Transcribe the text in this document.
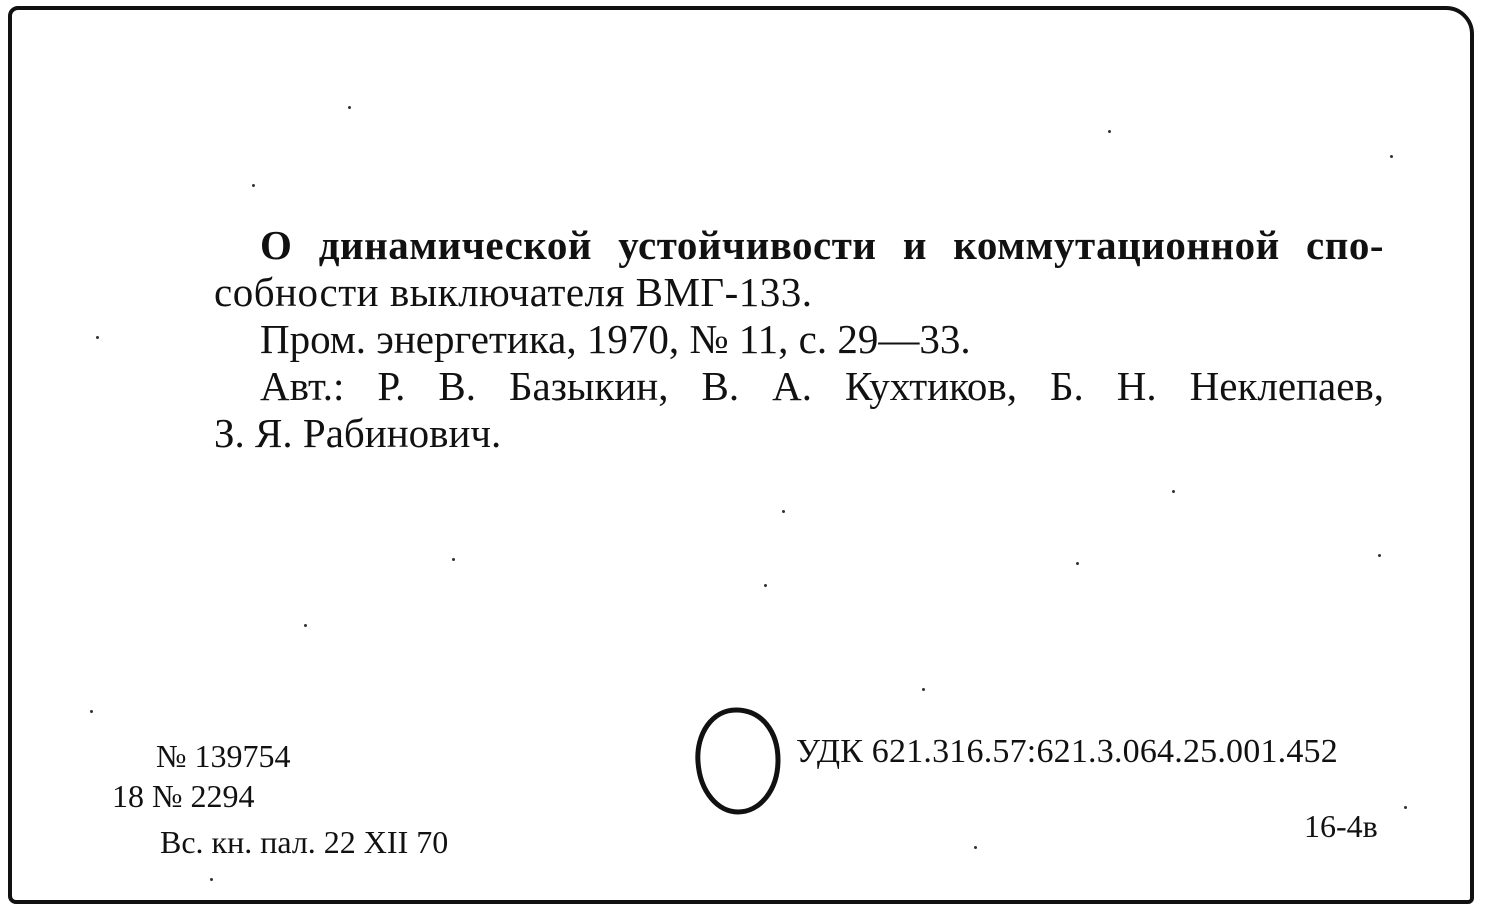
О динамической устойчивости и коммутационной спо-
собности выключателя ВМГ-133.
Пром. энергетика, 1970, № 11, с. 29—33.
Авт.: Р. В. Базыкин, В. А. Кухтиков, Б. Н. Неклепаев,
З. Я. Рабинович.
№ 139754
18 № 2294
Вс. кн. пал. 22 XII 70
УДК 621.316.57:621.3.064.25.001.452
16-4в
